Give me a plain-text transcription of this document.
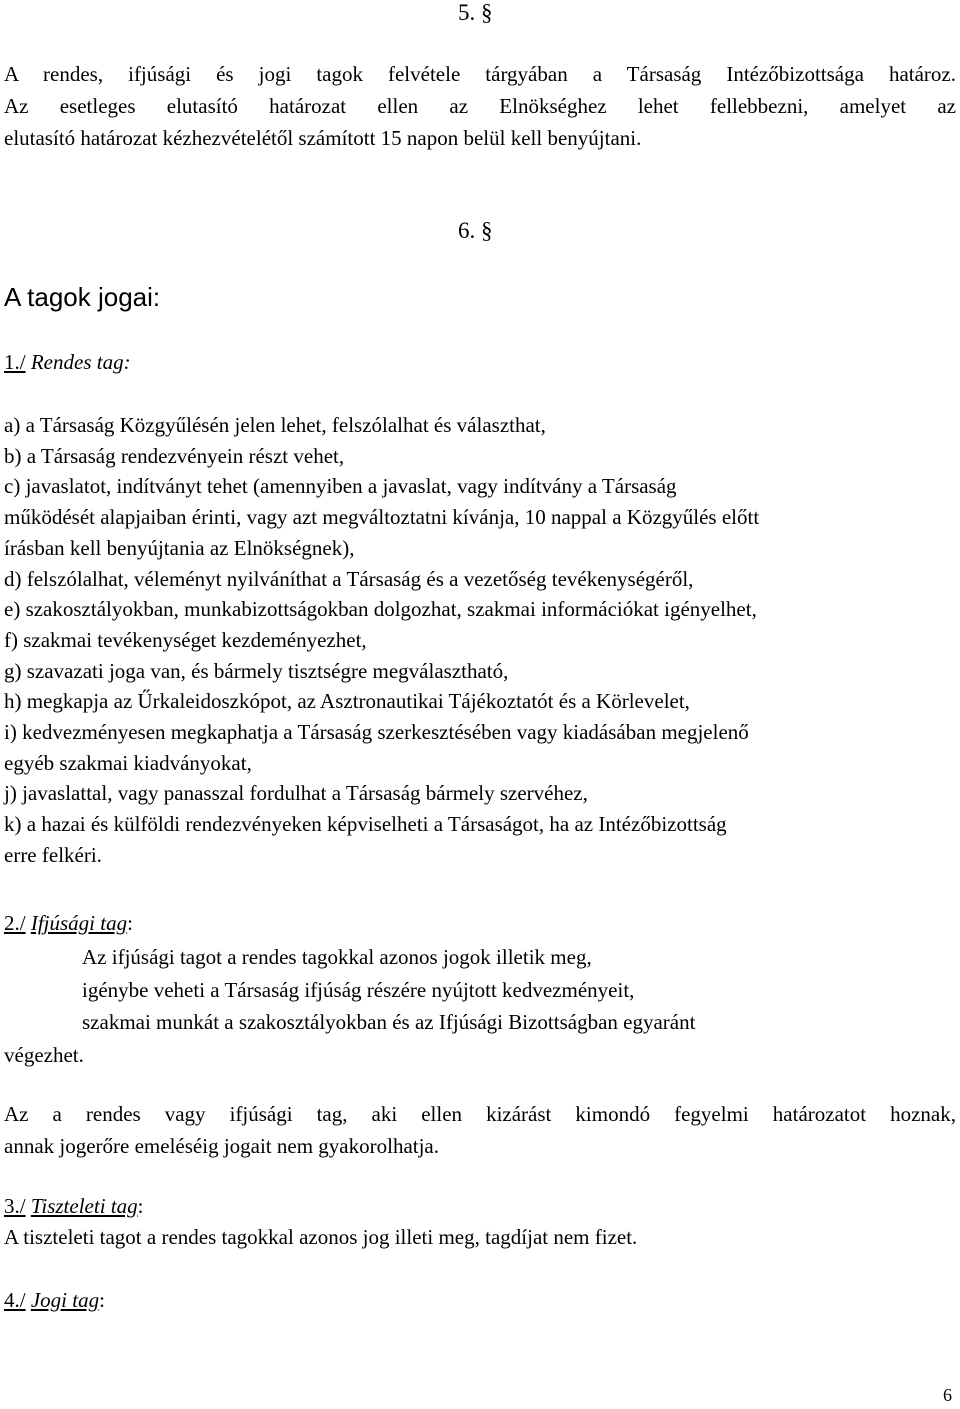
5. §
A rendes, ifjúsági és jogi tagok felvétele tárgyában a Társaság Intézőbizottsága határoz.
Az esetleges elutasító határozat ellen az Elnökséghez lehet fellebbezni, amelyet az
elutasító határozat kézhezvételétől számított 15 napon belül kell benyújtani.
6. §
A tagok jogai:
1./ Rendes tag:
a) a Társaság Közgyűlésén jelen lehet, felszólalhat és választhat,
b) a Társaság rendezvényein részt vehet,
c) javaslatot, indítványt tehet (amennyiben a javaslat, vagy indítvány a Társaság
működését alapjaiban érinti, vagy azt megváltoztatni kívánja, 10 nappal a Közgyűlés előtt
írásban kell benyújtania az Elnökségnek),
d) felszólalhat, véleményt nyilváníthat a Társaság és a vezetőség tevékenységéről,
e) szakosztályokban, munkabizottságokban dolgozhat, szakmai információkat igényelhet,
f) szakmai tevékenységet kezdeményezhet,
g) szavazati joga van, és bármely tisztségre megválasztható,
h) megkapja az Űrkaleidoszkópot, az Asztronautikai Tájékoztatót és a Körlevelet,
i) kedvezményesen megkaphatja a Társaság szerkesztésében vagy kiadásában megjelenő
egyéb szakmai kiadványokat,
j) javaslattal, vagy panasszal fordulhat a Társaság bármely szervéhez,
k) a hazai és külföldi rendezvényeken képviselheti a Társaságot, ha az Intézőbizottság
erre felkéri.
2./ Ifjúsági tag:
Az ifjúsági tagot a rendes tagokkal azonos jogok illetik meg,
igénybe veheti a Társaság ifjúság részére nyújtott kedvezményeit,
szakmai munkát a szakosztályokban és az Ifjúsági Bizottságban egyaránt
végezhet.
Az a rendes vagy ifjúsági tag, aki ellen kizárást kimondó fegyelmi határozatot hoznak,
annak jogerőre emeléséig jogait nem gyakorolhatja.
3./ Tiszteleti tag:
A tiszteleti tagot a rendes tagokkal azonos jog illeti meg, tagdíjat nem fizet.
4./ Jogi tag:
6
